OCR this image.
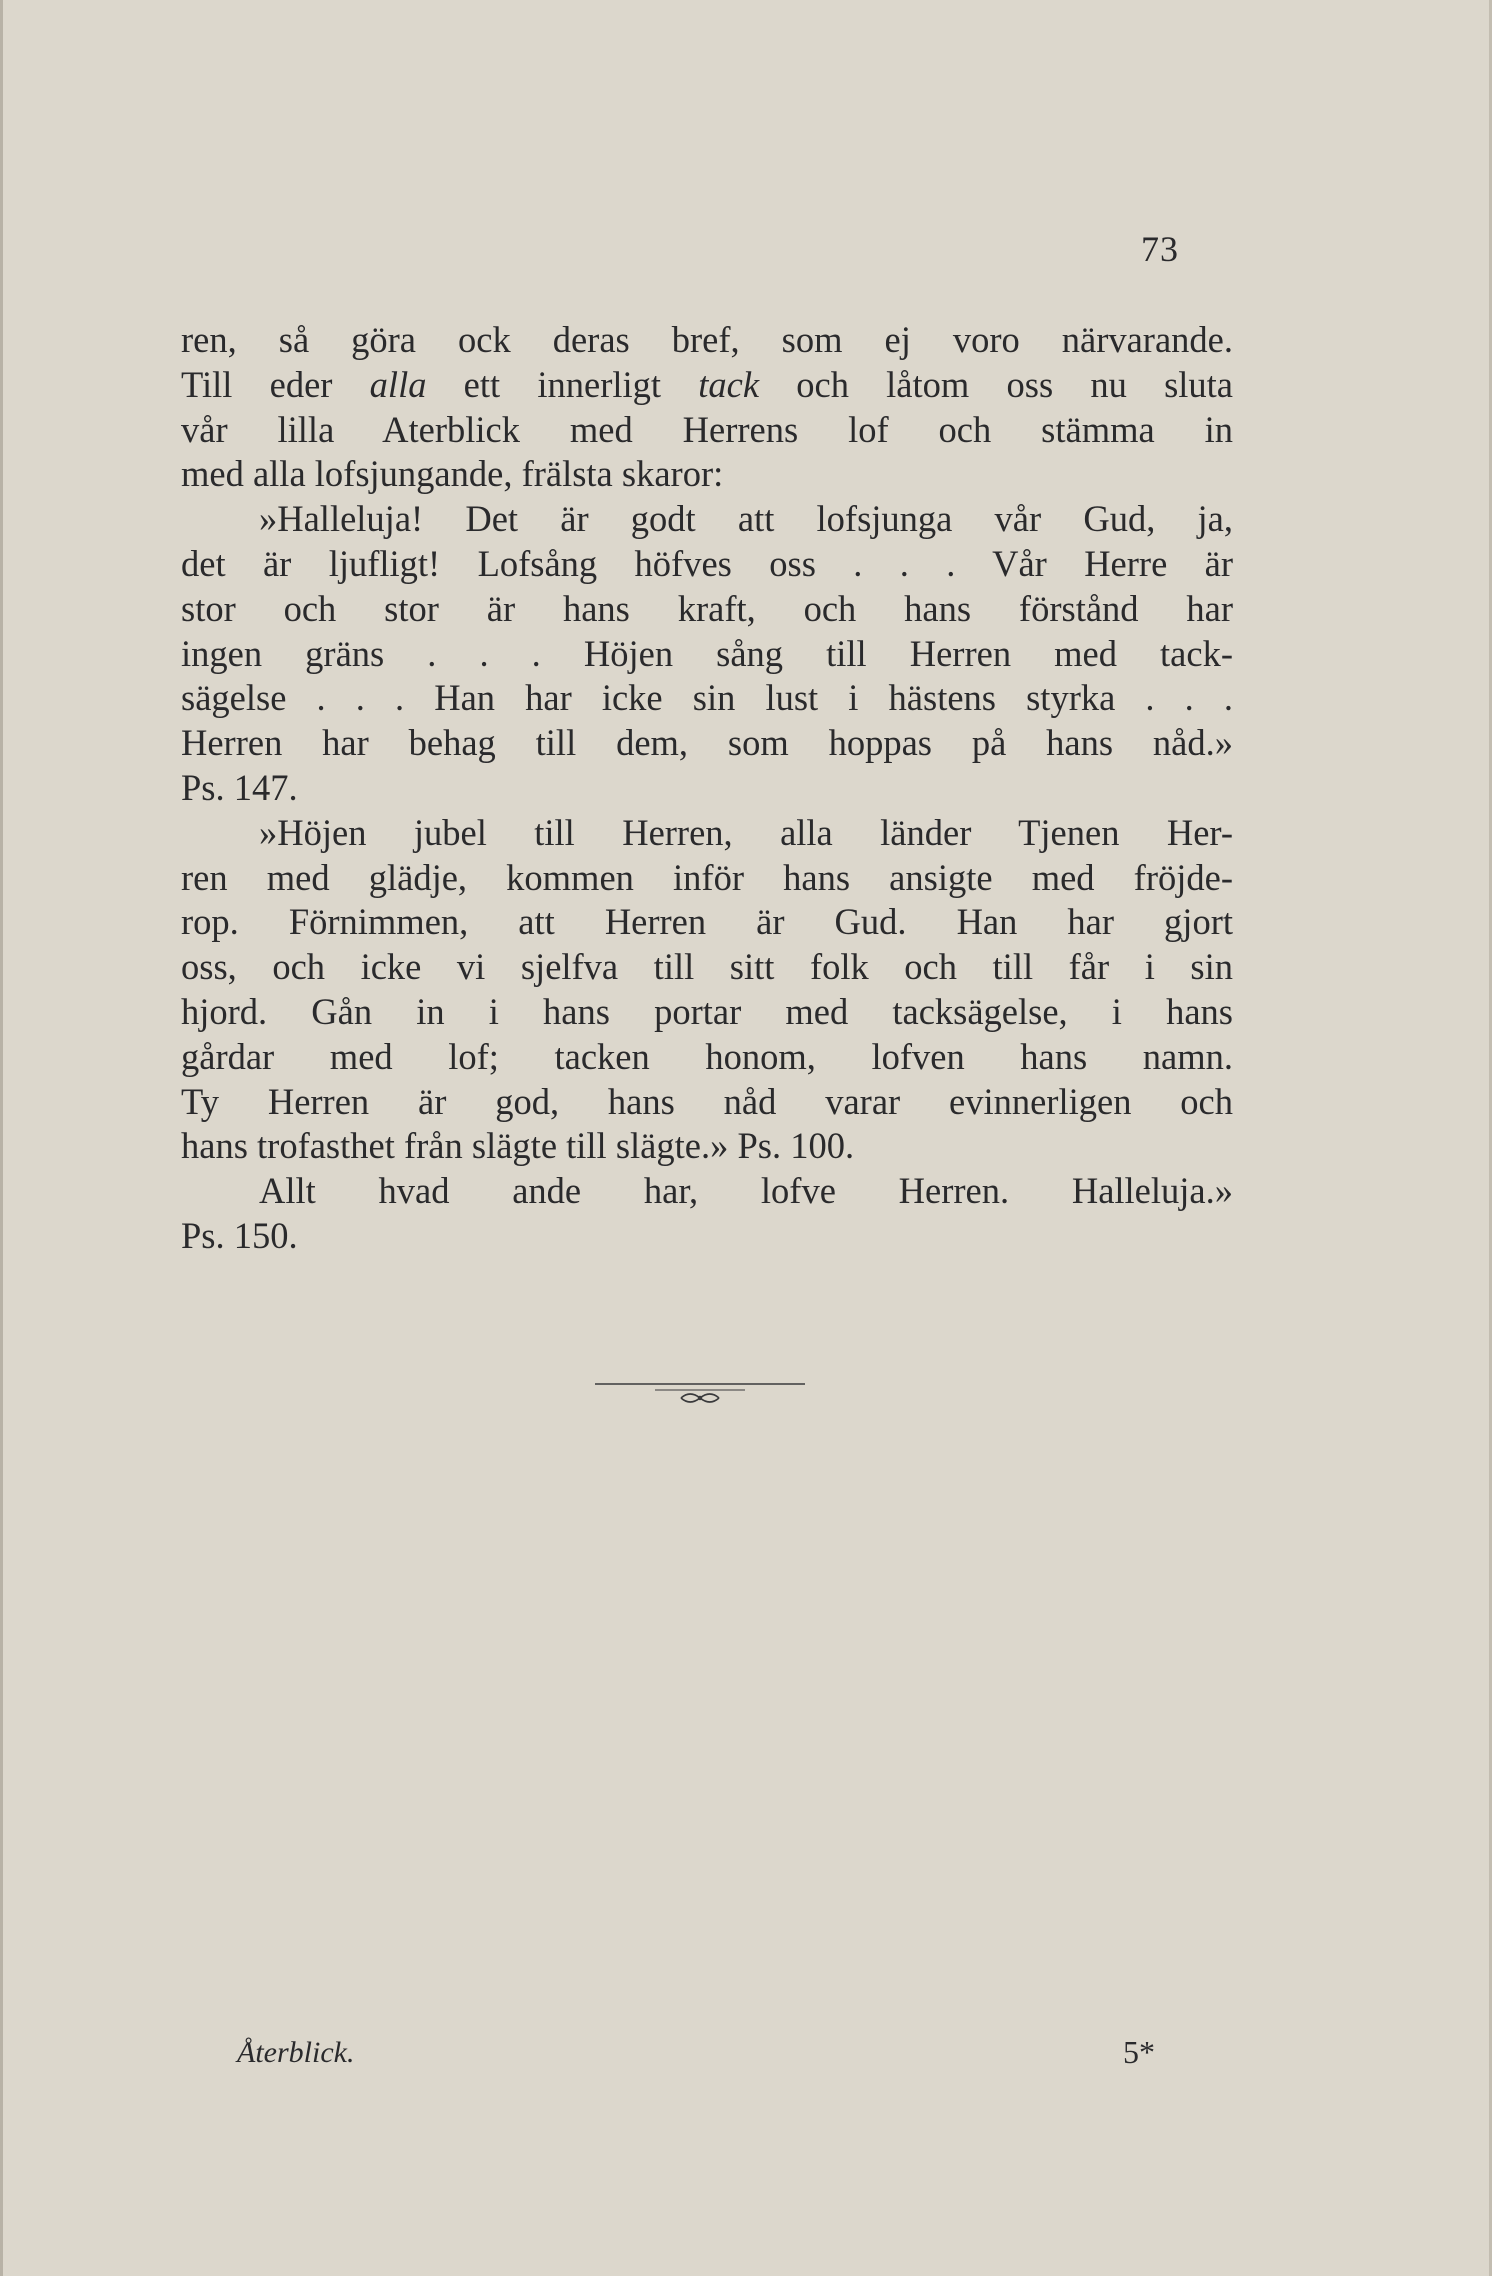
73
ren, så göra ock deras bref, som ej voro närvarande.
Till eder alla ett innerligt tack och låtom oss nu sluta
vår lilla Aterblick med Herrens lof och stämma in
med alla lofsjungande, frälsta skaror:
»Halleluja! Det är godt att lofsjunga vår Gud, ja,
det är ljufligt! Lofsång höfves oss . . . Vår Herre är
stor och stor är hans kraft, och hans förstånd har
ingen gräns . . . Höjen sång till Herren med tack-
sägelse . . . Han har icke sin lust i hästens styrka . . .
Herren har behag till dem, som hoppas på hans nåd.»
Ps. 147.
»Höjen jubel till Herren, alla länder Tjenen Her-
ren med glädje, kommen inför hans ansigte med fröjde-
rop. Förnimmen, att Herren är Gud. Han har gjort
oss, och icke vi sjelfva till sitt folk och till får i sin
hjord. Gån in i hans portar med tacksägelse, i hans
gårdar med lof; tacken honom, lofven hans namn.
Ty Herren är god, hans nåd varar evinnerligen och
hans trofasthet från slägte till slägte.» Ps. 100.
Allt hvad ande har, lofve Herren. Halleluja.»
Ps. 150.
Återblick.	5*
